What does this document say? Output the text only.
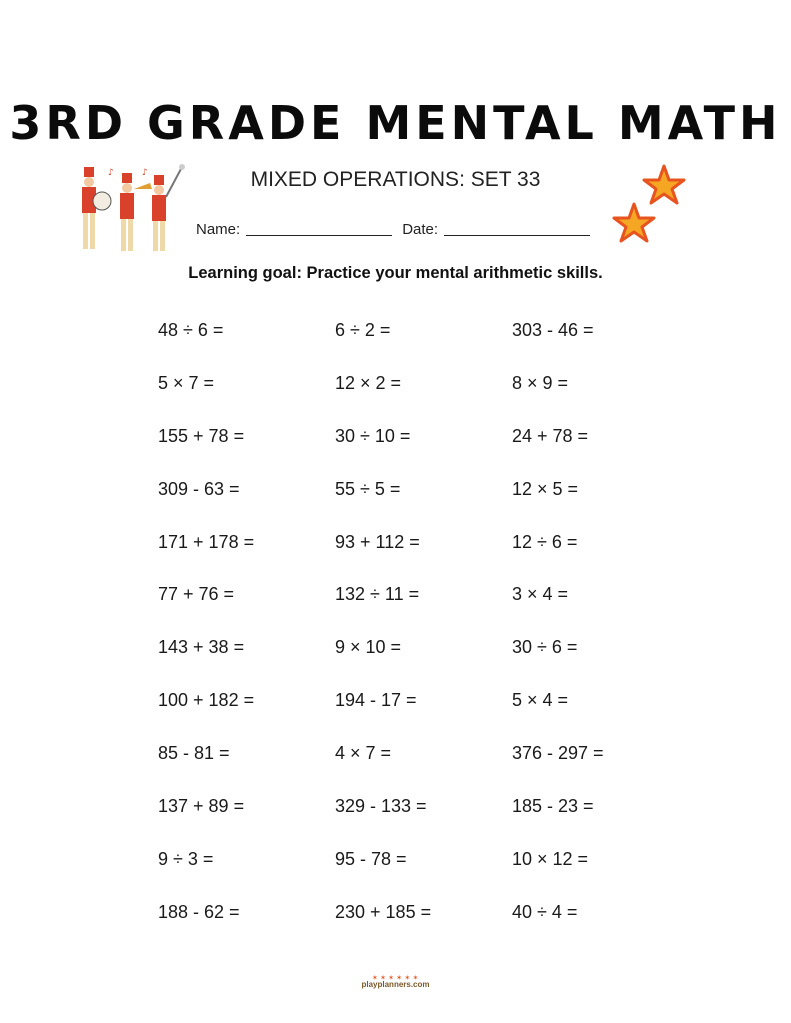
♪	♪
3RD GRADE MENTAL MATH
MIXED OPERATIONS: SET 33
Name:	Date:
Learning goal: Practice your mental arithmetic skills.
48 ÷ 6 =	6 ÷ 2 =	303 - 46 =
5 × 7 =	12 × 2 =	8 × 9 =
155 + 78 =	30 ÷ 10 =	24 + 78 =
309 - 63 =	55 ÷ 5 =	12 × 5 =
171 + 178 =	93 + 112 =	12 ÷ 6 =
77 + 76 =	132 ÷ 11 =	3 × 4 =
143 + 38 =	9 × 10 =	30 ÷ 6 =
100 + 182 =	194 - 17 =	5 × 4 =
85 - 81 =	4 × 7 =	376 - 297 =
137 + 89 =	329 - 133 =	185 - 23 =
9 ÷ 3 =	95 - 78 =	10 × 12 =
188 - 62 =	230 + 185 =	40 ÷ 4 =
✶ ✶ ✶ ✶ ✶ ✶
playplanners.com
